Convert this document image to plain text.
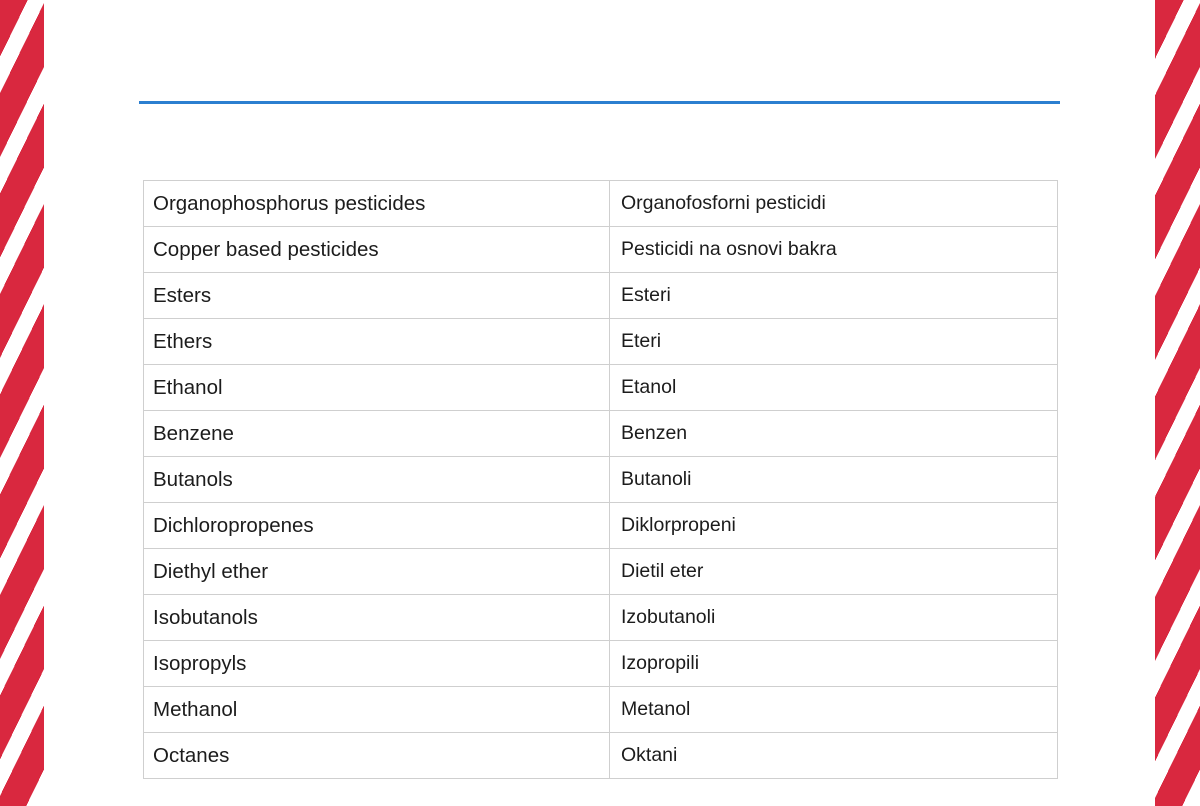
Organophosphorus pesticides	Organofosforni pesticidi
Copper based pesticides	Pesticidi na osnovi bakra
Esters	Esteri
Ethers	Eteri
Ethanol	Etanol
Benzene	Benzen
Butanols	Butanoli
Dichloropropenes	Diklorpropeni
Diethyl ether	Dietil eter
Isobutanols	Izobutanoli
Isopropyls	Izopropili
Methanol	Metanol
Octanes	Oktani
